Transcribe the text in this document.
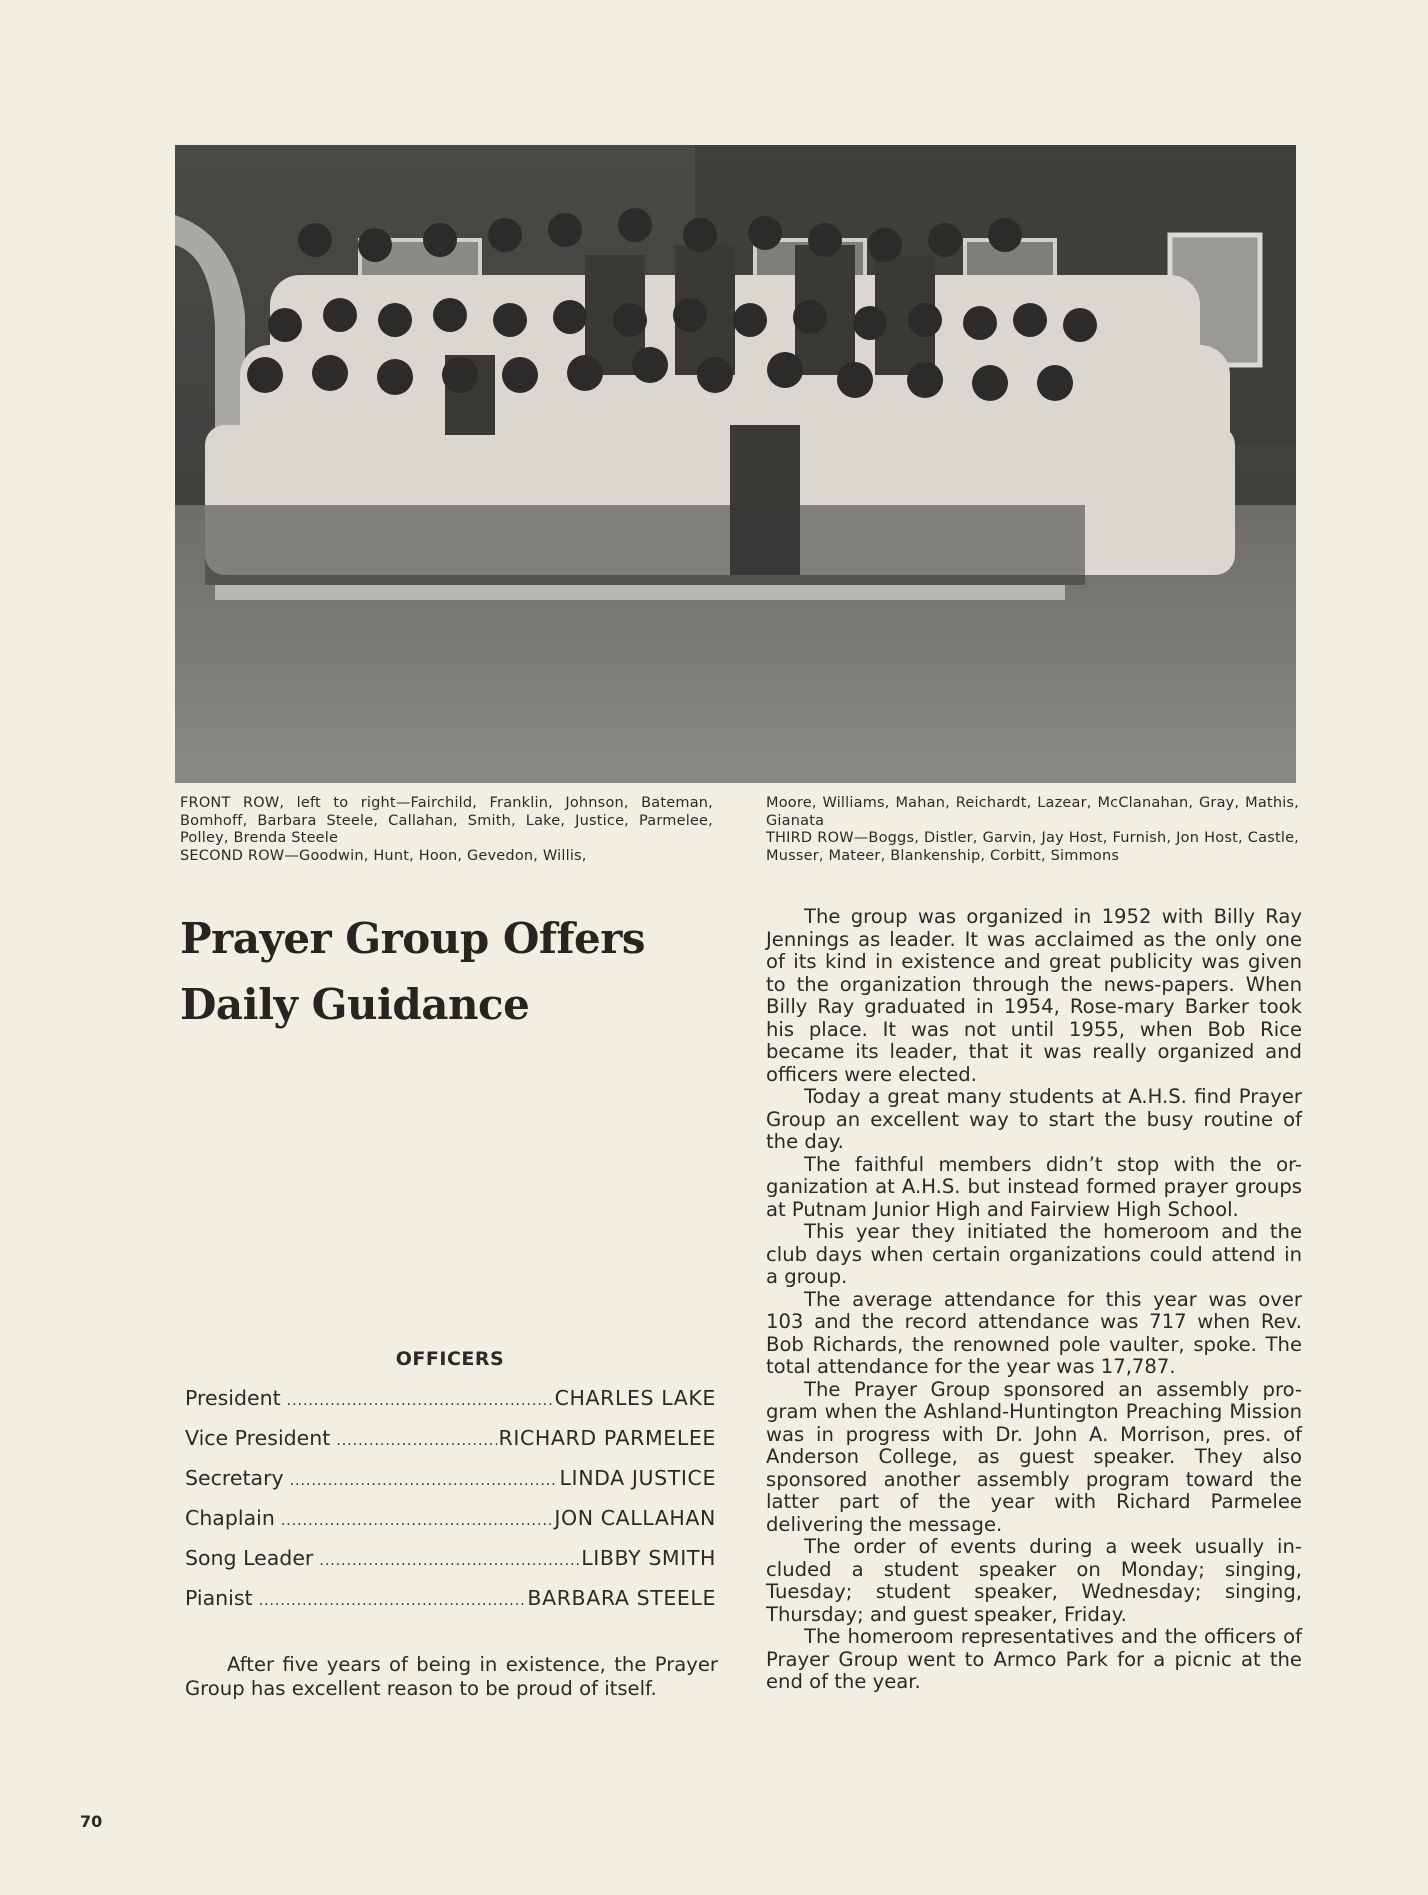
FRONT ROW, left to right—Fairchild, Franklin, Johnson, Bateman, Bomhoff, Barbara Steele, Callahan, Smith, Lake, Justice, Parmelee, Polley, Brenda Steele

SECOND ROW—Goodwin, Hunt, Hoon, Gevedon, Willis,

Moore, Williams, Mahan, Reichardt, Lazear, McClanahan, Gray, Mathis, Gianata

THIRD ROW—Boggs, Distler, Garvin, Jay Host, Furnish, Jon Host, Castle, Musser, Mateer, Blankenship, Corbitt, Simmons

Prayer Group Offers
Daily Guidance
OFFICERS
President .....	CHARLES LAKE
Vice President .....	RICHARD PARMELEE
Secretary .....	LINDA JUSTICE
Chaplain .....	JON CALLAHAN
Song Leader .....	LIBBY SMITH
Pianist .....	BARBARA STEELE

After five years of being in existence, the Prayer Group has excellent reason to be proud of itself.

The group was organized in 1952 with Billy Ray Jennings as leader. It was acclaimed as the only one of its kind in existence and great publicity was given to the organization through the news-papers. When Billy Ray graduated in 1954, Rose-mary Barker took his place. It was not until 1955, when Bob Rice became its leader, that it was really organized and officers were elected.

Today a great many students at A.H.S. find Prayer Group an excellent way to start the busy routine of the day.

The faithful members didn’t stop with the or-ganization at A.H.S. but instead formed prayer groups at Putnam Junior High and Fairview High School.

This year they initiated the homeroom and the club days when certain organizations could attend in a group.

The average attendance for this year was over 103 and the record attendance was 717 when Rev. Bob Richards, the renowned pole vaulter, spoke. The total attendance for the year was 17,787.

The Prayer Group sponsored an assembly pro-gram when the Ashland-Huntington Preaching Mission was in progress with Dr. John A. Morrison, pres. of Anderson College, as guest speaker. They also sponsored another assembly program toward the latter part of the year with Richard Parmelee delivering the message.

The order of events during a week usually in-cluded a student speaker on Monday; singing, Tuesday; student speaker, Wednesday; singing, Thursday; and guest speaker, Friday.

The homeroom representatives and the officers of Prayer Group went to Armco Park for a picnic at the end of the year.

70
